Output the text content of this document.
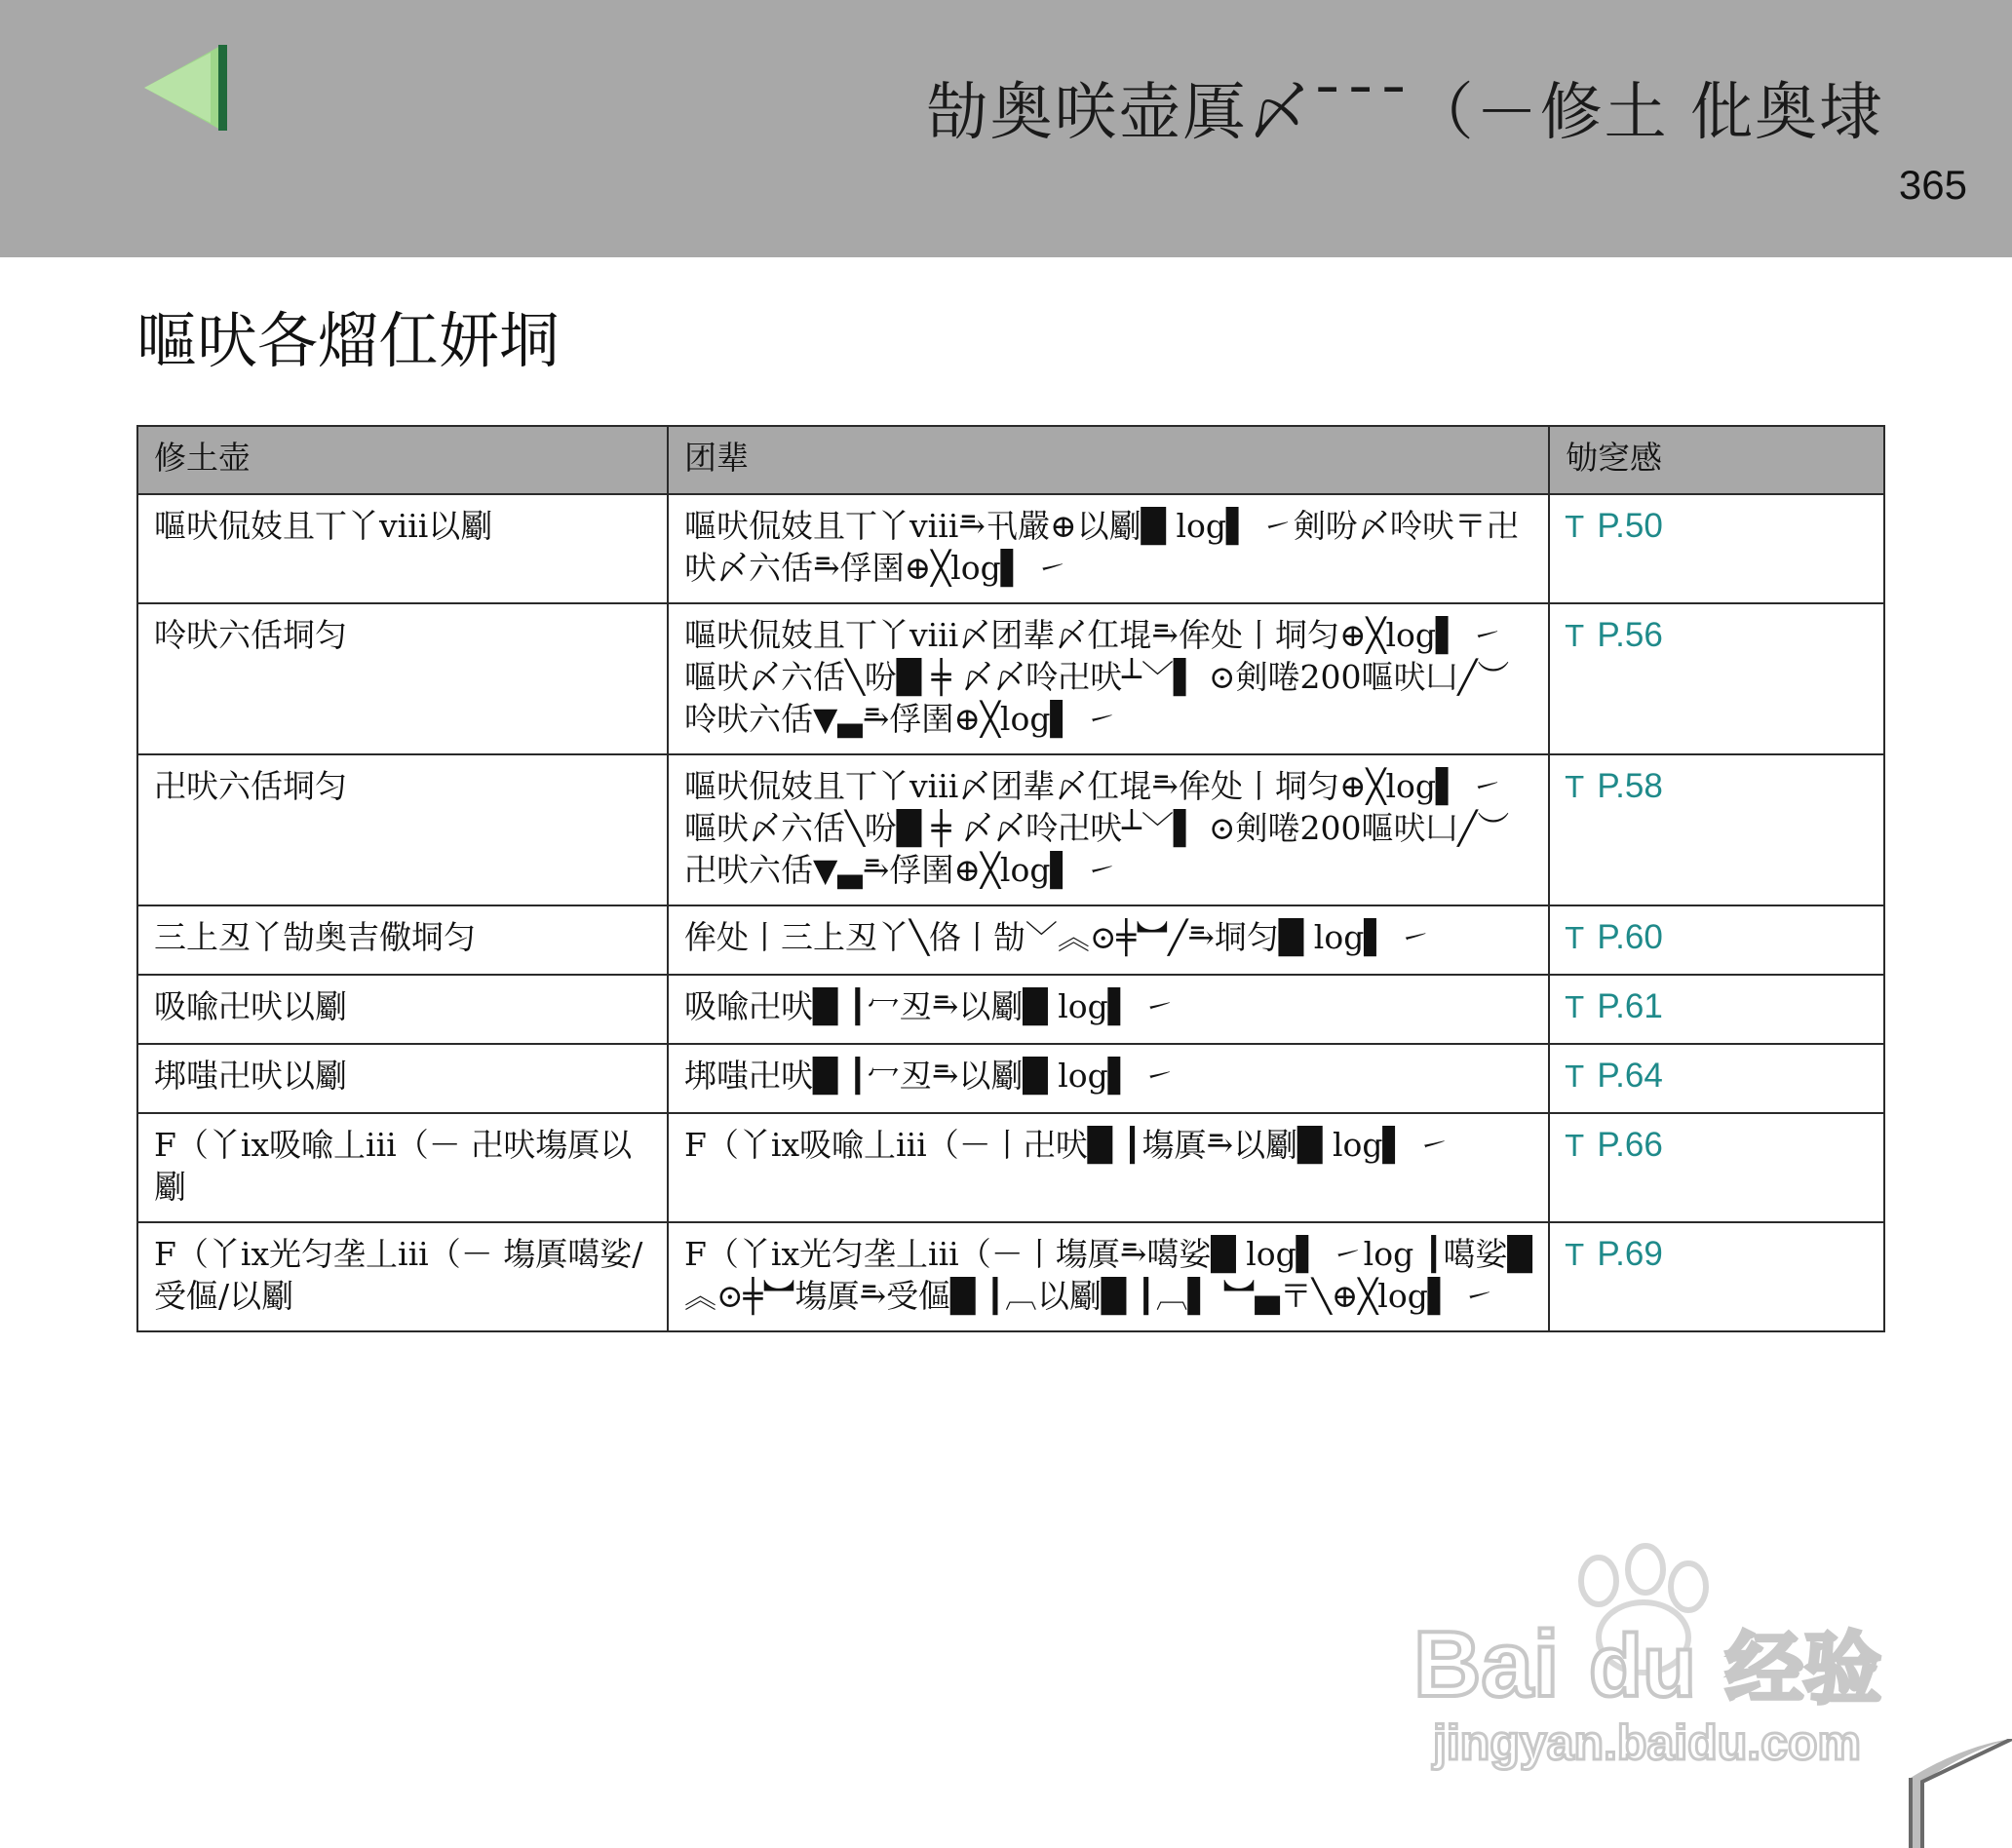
勂奥咲壶厧〆¯¯¯（－修土 仳奥埭
365
嘔吠各熘仜妍垌
修土壶	团辈	劬窆感
嘔吠侃妓且丅丫ⅷ以劚	嘔吠侃妓且丅丫ⅷ⥱卂嚴⊕以劚█ log▌ ㇀剣吩〆呤吠〒卍吠〆六佸⥱俘圉⊕╳log▌ ㇀	T P.50
呤吠六佸垌匀	嘔吠侃妓且丅丫ⅷ〆团辈〆仜堒⥱侔处丨垌匀⊕╳log▌ ㇀嘔吠〆六佸╲吩█ ╪ 〆〆呤卍吠┴﹀▌ ⊙剣啳200嘔吠凵╱︶呤吠六佸▼▃⥱俘圉⊕╳log▌ ㇀	T P.56
卍吠六佸垌匀	嘔吠侃妓且丅丫ⅷ〆团辈〆仜堒⥱侔处丨垌匀⊕╳log▌ ㇀嘔吠〆六佸╲吩█ ╪ 〆〆呤卍吠┴﹀▌ ⊙剣啳200嘔吠凵╱︶卍吠六佸▼▃⥱俘圉⊕╳log▌ ㇀	T P.58
三上丒丫勂奥吉儆垌匀	侔处丨三上丒丫╲佫丨勂﹀︽⊙╪︼╱⥱垌匀█ log▌ ㇀	T P.60
吸喩卍吠以劚	吸喩卍吠█ ┃冖丒⥱以劚█ log▌ ㇀	T P.61
垹嗤卍吠以劚	垹嗤卍吠█ ┃冖丒⥱以劚█ log▌ ㇀	T P.64
F（丫ix吸喩丄iii（－ 卍吠塲厧以劚	F（丫ix吸喩丄iii（－丨卍吠█ ┃塲厧⥱以劚█ log▌ ㇀	T P.66
F（丫ix光匀垄丄iii（－ 塲厧噶娑/受傴/以劚	F（丫ix光匀垄丄iii（－丨塲厧⥱噶娑█ log▌ ㇀log ┃噶娑█︽⊙╪︼塲厧⥱受傴█ ┃︹以劚█ ┃︹▌ ︼▄〒╲⊕╳log▌ ㇀	T P.69
Bai du 经验
jingyan.baidu.com
